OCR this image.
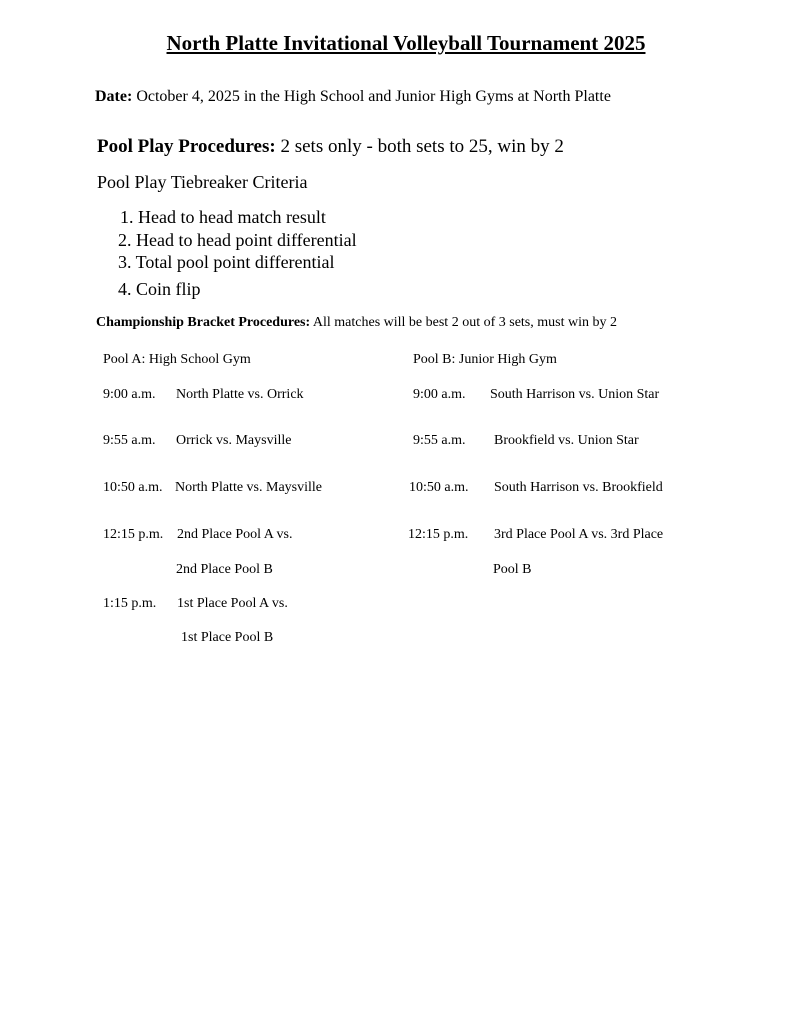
North Platte Invitational Volleyball Tournament 2025
Date: October 4, 2025 in the High School and Junior High Gyms at North Platte
Pool Play Procedures: 2 sets only - both sets to 25, win by 2
Pool Play Tiebreaker Criteria
1. Head to head match result
2. Head to head point differential
3. Total pool point differential
4. Coin flip
Championship Bracket Procedures: All matches will be best 2 out of 3 sets, must win by 2
Pool A: High School Gym
9:00 a.m. North Platte vs. Orrick
9:55 a.m. Orrick vs. Maysville
10:50 a.m. North Platte vs. Maysville
12:15 p.m. 2nd Place Pool A vs.
2nd Place Pool B
1:15 p.m. 1st Place Pool A vs.
1st Place Pool B
Pool B: Junior High Gym
9:00 a.m. South Harrison vs. Union Star
9:55 a.m. Brookfield vs. Union Star
10:50 a.m. South Harrison vs. Brookfield
12:15 p.m. 3rd Place Pool A vs. 3rd Place
Pool B
